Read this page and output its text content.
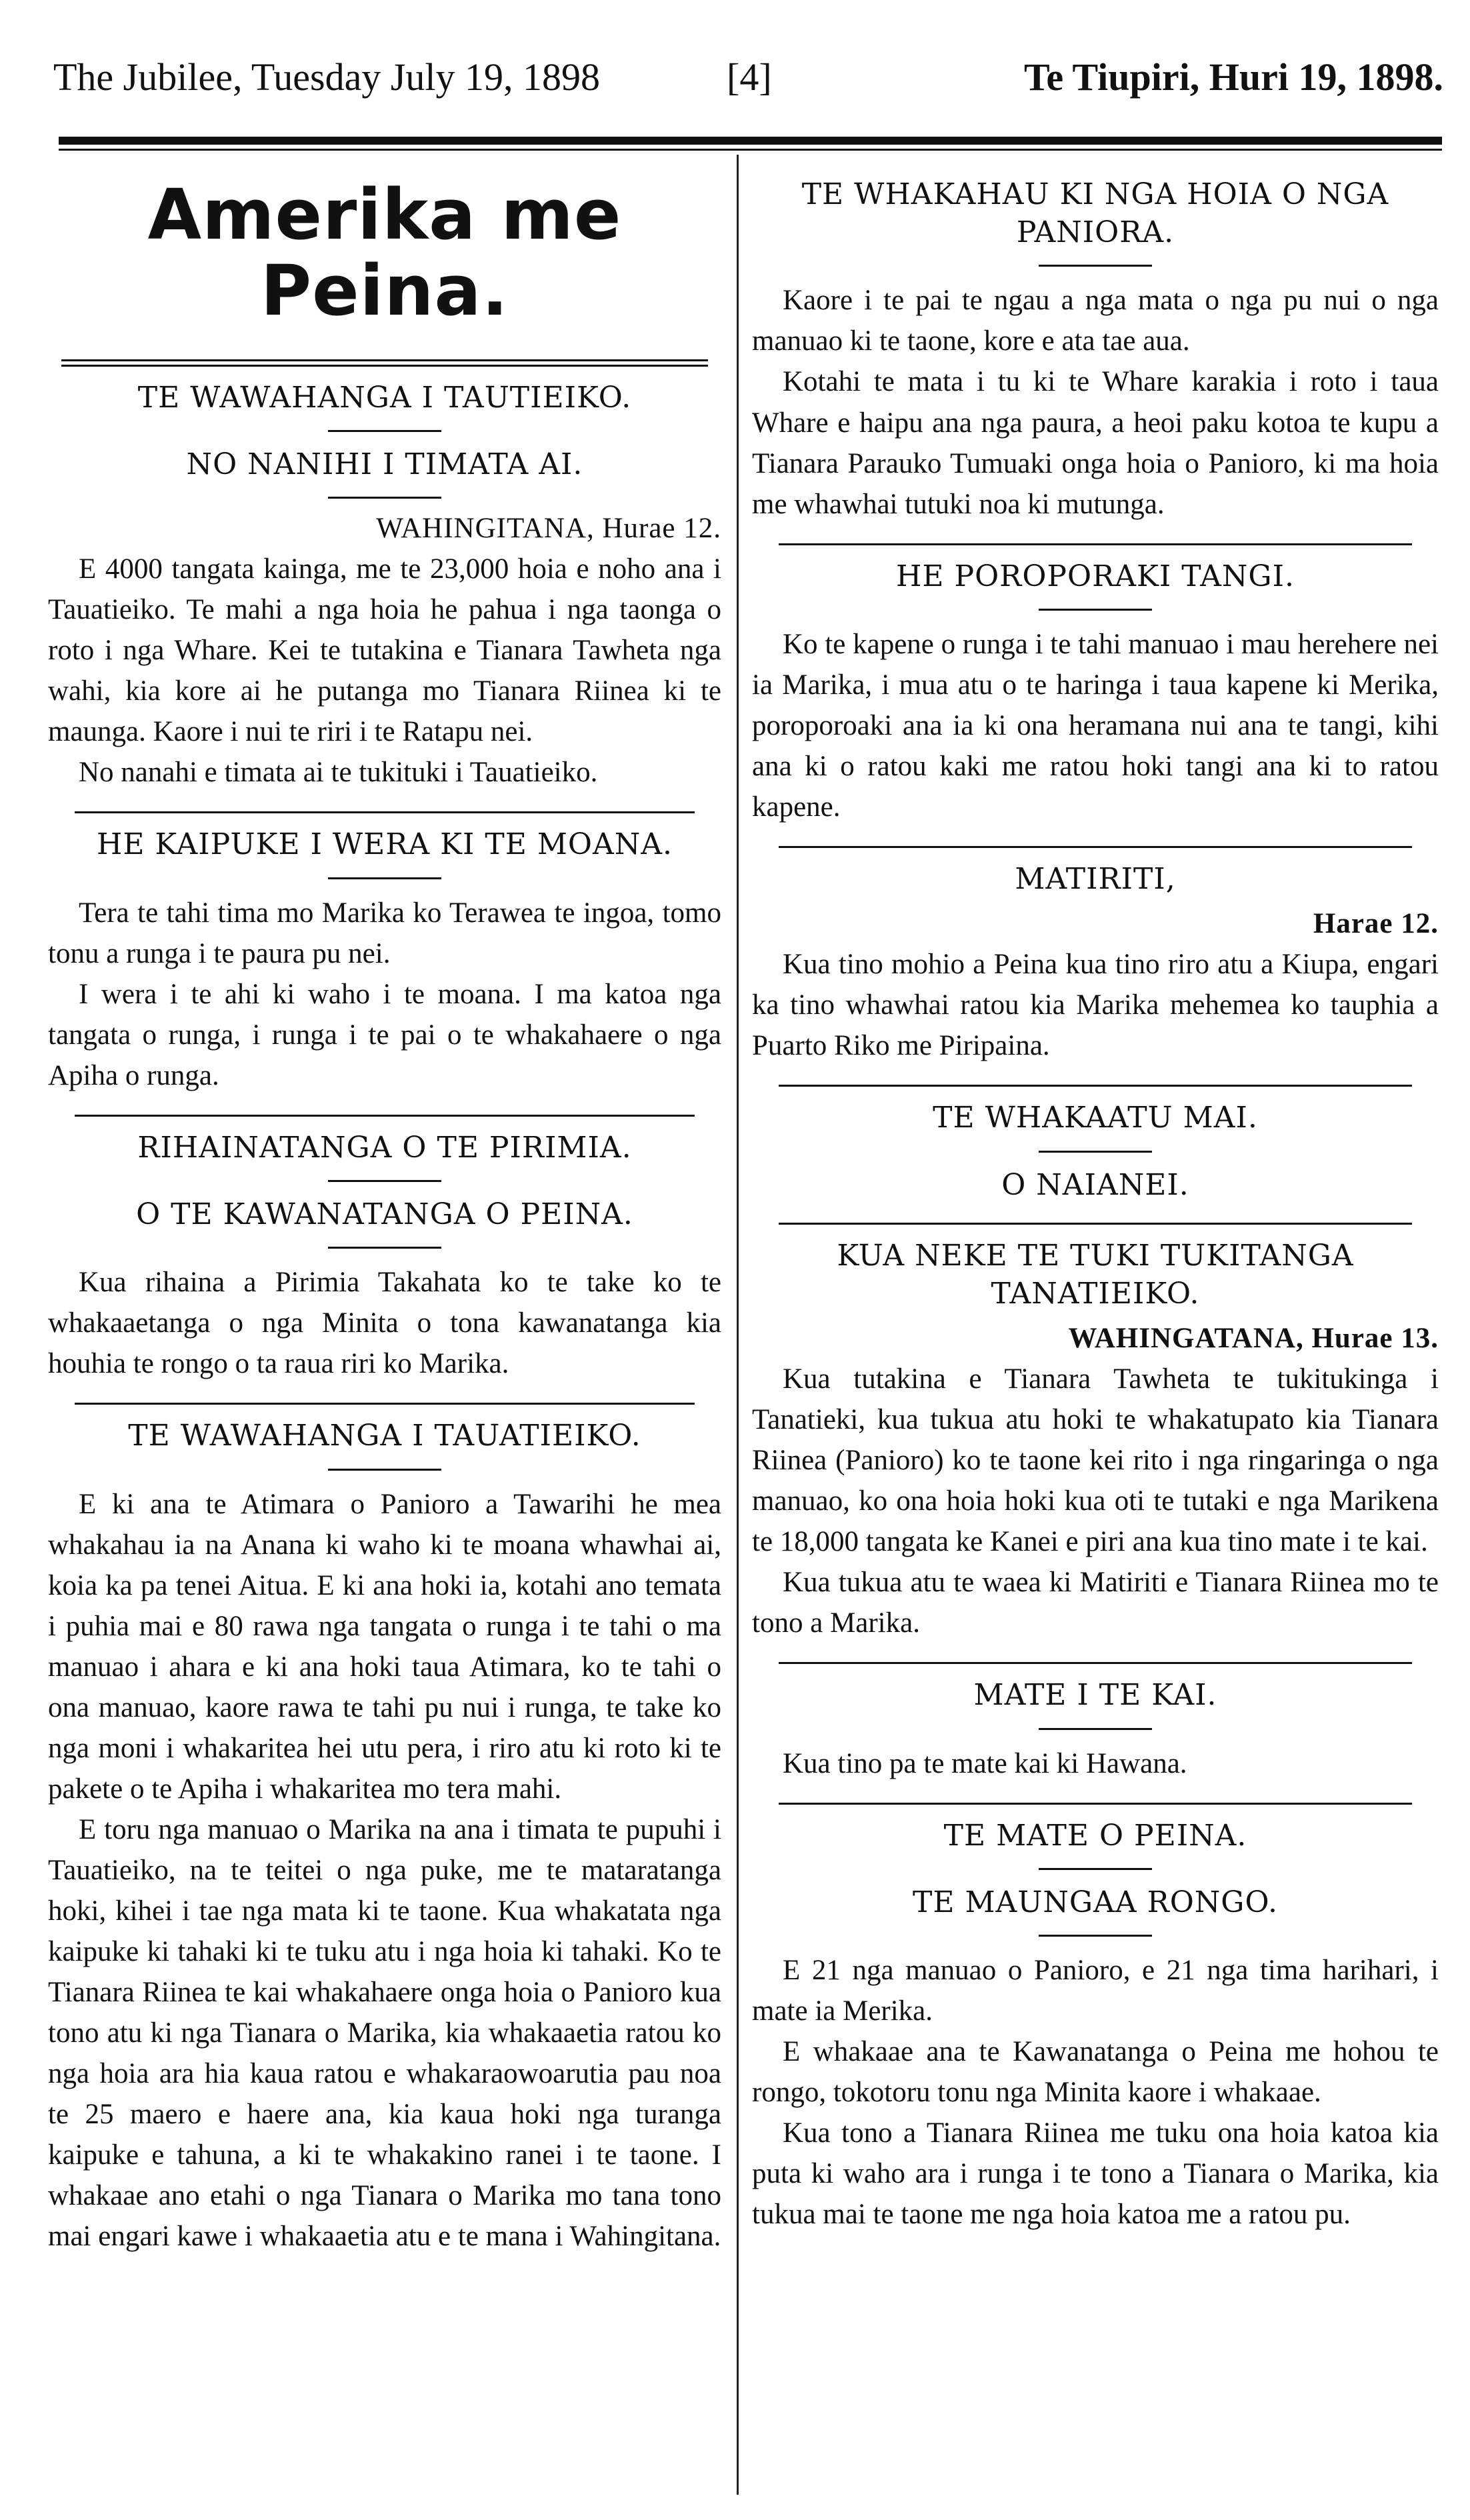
The Jubilee, Tuesday July 19, 1898	[4]	Te Tiupiri, Huri 19, 1898.
Amerika me Peina.
TE WAWAHANGA I TAUTIEIKO.
NO NANIHI I TIMATA AI.
WAHINGITANA, Hurae 12.

E 4000 tangata kainga, me te 23,000 hoia e noho ana i Tauatieiko. Te mahi a nga hoia he pahua i nga taonga o roto i nga Whare. Kei te tutakina e Tianara Tawheta nga wahi, kia kore ai he putanga mo Tianara Riinea ki te maunga. Kaore i nui te riri i te Ratapu nei.

No nanahi e timata ai te tukituki i Tauatieiko.

HE KAIPUKE I WERA KI TE MOANA.

Tera te tahi tima mo Marika ko Terawea te ingoa, tomo tonu a runga i te paura pu nei.

I wera i te ahi ki waho i te moana. I ma katoa nga tangata o runga, i runga i te pai o te whakahaere o nga Apiha o runga.

RIHAINATANGA O TE PIRIMIA.
O TE KAWANATANGA O PEINA.

Kua rihaina a Pirimia Takahata ko te take ko te whakaaetanga o nga Minita o tona kawanatanga kia houhia te rongo o ta raua riri ko Marika.

TE WAWAHANGA I TAUATIEIKO.

E ki ana te Atimara o Panioro a Tawarihi he mea whakahau ia na Anana ki waho ki te moana whawhai ai, koia ka pa tenei Aitua. E ki ana hoki ia, kotahi ano temata i puhia mai e 80 rawa nga tangata o runga i te tahi o ma manuao i ahara e ki ana hoki taua Atimara, ko te tahi o ona manuao, kaore rawa te tahi pu nui i runga, te take ko nga moni i whakaritea hei utu pera, i riro atu ki roto ki te pakete o te Apiha i whakaritea mo tera mahi.

E toru nga manuao o Marika na ana i timata te pupuhi i Tauatieiko, na te teitei o nga puke, me te mataratanga hoki, kihei i tae nga mata ki te taone. Kua whakatata nga kaipuke ki tahaki ki te tuku atu i nga hoia ki tahaki. Ko te Tianara Riinea te kai whakahaere onga hoia o Panioro kua tono atu ki nga Tianara o Marika, kia whakaaetia ratou ko nga hoia ara hia kaua ratou e whakaraowoarutia pau noa te 25 maero e haere ana, kia kaua hoki nga turanga kaipuke e tahuna, a ki te whakakino ranei i te taone. I whakaae ano etahi o nga Tianara o Marika mo tana tono mai engari kawe i whakaaetia atu e te mana i Wahingitana.

TE WHAKAHAU KI NGA HOIA O NGA PANIORA.

Kaore i te pai te ngau a nga mata o nga pu nui o nga manuao ki te taone, kore e ata tae aua.

Kotahi te mata i tu ki te Whare karakia i roto i taua Whare e haipu ana nga paura, a heoi paku kotoa te kupu a Tianara Parauko Tumuaki onga hoia o Panioro, ki ma hoia me whawhai tutuki noa ki mutunga.

HE POROPORAKI TANGI.

Ko te kapene o runga i te tahi manuao i mau herehere nei ia Marika, i mua atu o te haringa i taua kapene ki Merika, poroporoaki ana ia ki ona heramana nui ana te tangi, kihi ana ki o ratou kaki me ratou hoki tangi ana ki to ratou kapene.

MATIRITI,
Harae 12.

Kua tino mohio a Peina kua tino riro atu a Kiupa, engari ka tino whawhai ratou kia Marika mehemea ko tauphia a Puarto Riko me Piripaina.

TE WHAKAATU MAI.
O NAIANEI.
KUA NEKE TE TUKI TUKITANGA TANATIEIKO.
WAHINGATANA, Hurae 13.

Kua tutakina e Tianara Tawheta te tukitukinga i Tanatieki, kua tukua atu hoki te whakatupato kia Tianara Riinea (Panioro) ko te taone kei rito i nga ringaringa o nga manuao, ko ona hoia hoki kua oti te tutaki e nga Marikena te 18,000 tangata ke Kanei e piri ana kua tino mate i te kai.

Kua tukua atu te waea ki Matiriti e Tianara Riinea mo te tono a Marika.

MATE I TE KAI.

Kua tino pa te mate kai ki Hawana.

TE MATE O PEINA.
TE MAUNGAA RONGO.

E 21 nga manuao o Panioro, e 21 nga tima harihari, i mate ia Merika.

E whakaae ana te Kawanatanga o Peina me hohou te rongo, tokotoru tonu nga Minita kaore i whakaae.

Kua tono a Tianara Riinea me tuku ona hoia katoa kia puta ki waho ara i runga i te tono a Tianara o Marika, kia tukua mai te taone me nga hoia katoa me a ratou pu.
